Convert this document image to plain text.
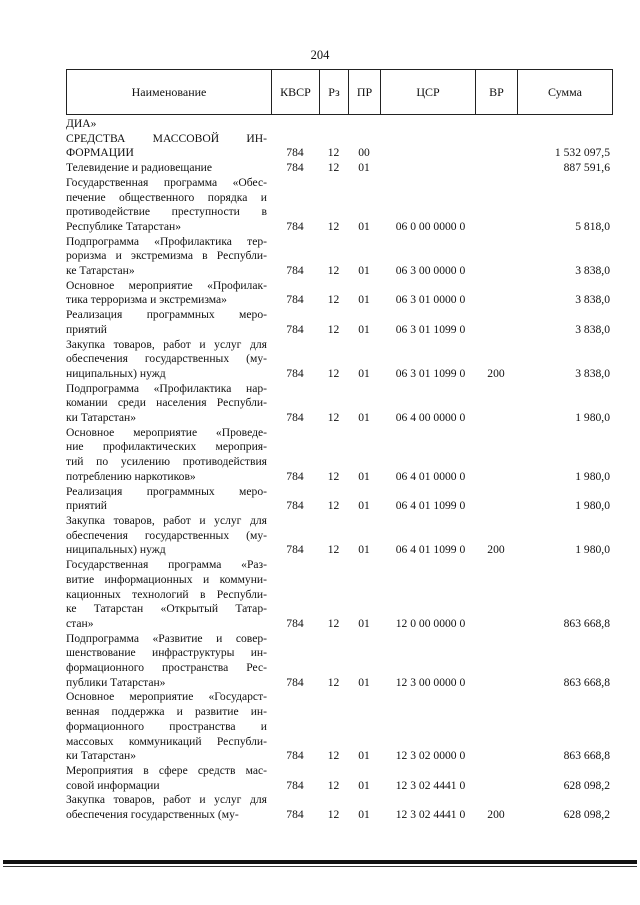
204
Наименование	КВСР	Рз	ПР	ЦСР	ВР	Сумма
ДИА»						

СРЕДСТВА МАССОВОЙ ИН-
ФОРМАЦИИ	784	12	00			1 532 097,5

Телевидение и радиовещание	784	12	01			887 591,6

Государственная программа «Обес-
печение общественного порядка и
противодействие преступности в
Республике Татарстан»	784	12	01	06 0 00 0000 0		5 818,0

Подпрограмма «Профилактика тер-
роризма и экстремизма в Республи-
ке Татарстан»	784	12	01	06 3 00 0000 0		3 838,0

Основное мероприятие «Профилак-
тика терроризма и экстремизма»	784	12	01	06 3 01 0000 0		3 838,0

Реализация программных меро-
приятий	784	12	01	06 3 01 1099 0		3 838,0

Закупка товаров, работ и услуг для
обеспечения государственных (му-
ниципальных) нужд	784	12	01	06 3 01 1099 0	200	3 838,0

Подпрограмма «Профилактика нар-
комании среди населения Республи-
ки Татарстан»	784	12	01	06 4 00 0000 0		1 980,0

Основное мероприятие «Проведе-
ние профилактических мероприя-
тий по усилению противодействия
потреблению наркотиков»	784	12	01	06 4 01 0000 0		1 980,0

Реализация программных меро-
приятий	784	12	01	06 4 01 1099 0		1 980,0

Закупка товаров, работ и услуг для
обеспечения государственных (му-
ниципальных) нужд	784	12	01	06 4 01 1099 0	200	1 980,0

Государственная программа «Раз-
витие информационных и коммуни-
кационных технологий в Республи-
ке Татарстан «Открытый Татар-
стан»	784	12	01	12 0 00 0000 0		863 668,8

Подпрограмма «Развитие и совер-
шенствование инфраструктуры ин-
формационного пространства Рес-
публики Татарстан»	784	12	01	12 3 00 0000 0		863 668,8

Основное мероприятие «Государст-
венная поддержка и развитие ин-
формационного пространства и
массовых коммуникаций Республи-
ки Татарстан»	784	12	01	12 3 02 0000 0		863 668,8

Мероприятия в сфере средств мас-
совой информации	784	12	01	12 3 02 4441 0		628 098,2

Закупка товаров, работ и услуг для
обеспечения государственных (му-	784	12	01	12 3 02 4441 0	200	628 098,2
